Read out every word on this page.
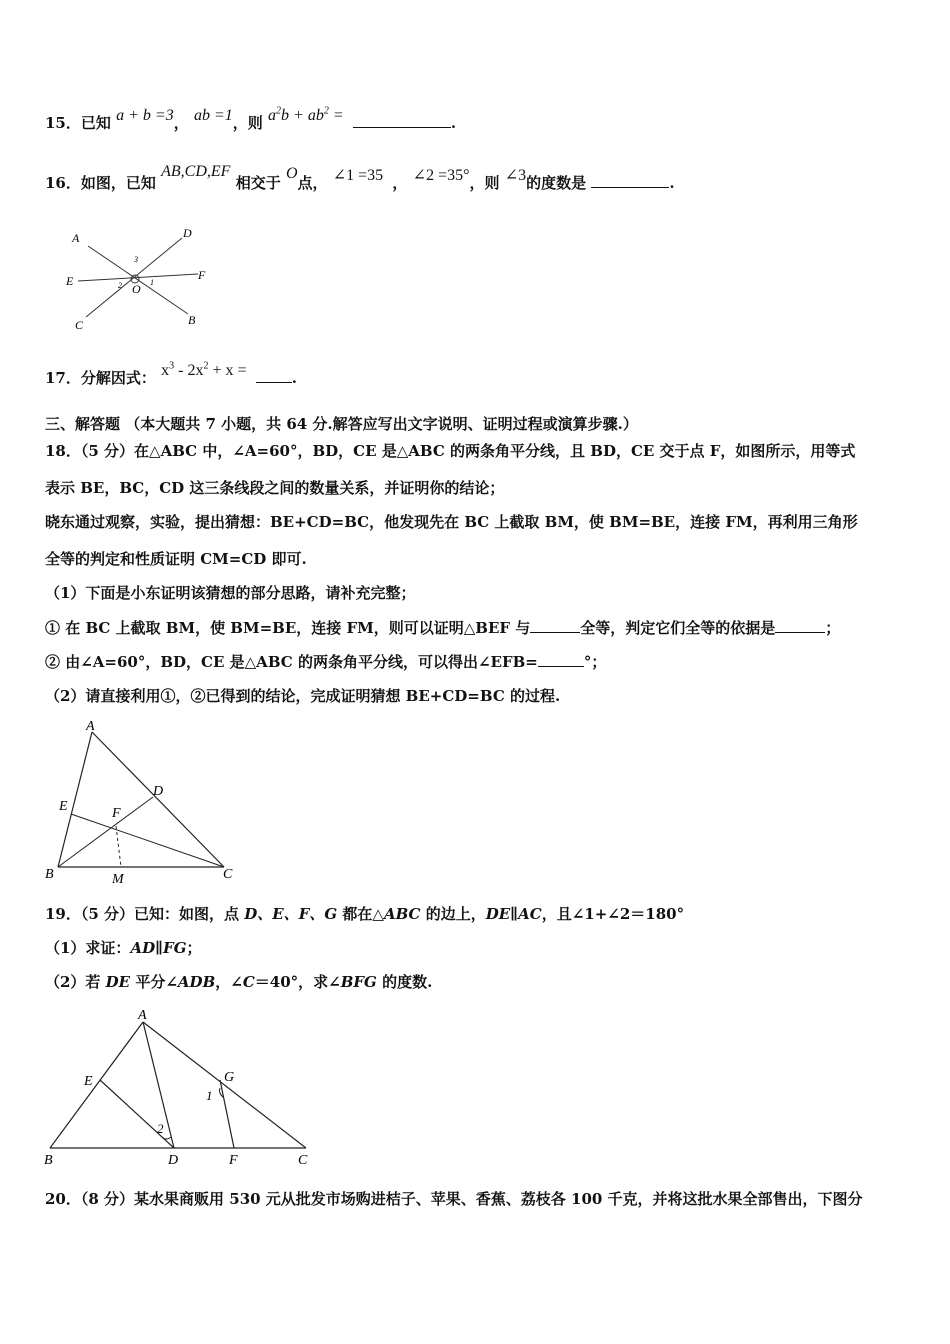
15．已知 a + b =3， ab =1，则 $a^2b + ab^2$ =	.
16．如图，已知 AB,CD,EF 相交于 O点， ∠1 =35 ， ∠2 =35°，则 ∠3的度数是	.
A	D
E	F
C	B
O
3
2	1
17．分解因式： $x^3 - 2x^2 + x$ =	.
三、解答题 （本大题共 7 小题，共 64 分.解答应写出文字说明、证明过程或演算步骤.）
18．（5 分）在△ABC 中，∠A=60°，BD，CE 是△ABC 的两条角平分线，且 BD，CE 交于点 F，如图所示，用等式
表示 BE，BC，CD 这三条线段之间的数量关系，并证明你的结论；
晓东通过观察，实验，提出猜想：BE+CD=BC，他发现先在 BC 上截取 BM，使 BM=BE，连接 FM，再利用三角形
全等的判定和性质证明 CM=CD 即可.
（1）下面是小东证明该猜想的部分思路，请补充完整；
① 在 BC 上截取 BM，使 BM=BE，连接 FM，则可以证明△BEF 与	全等，判定它们全等的依据是	；
② 由∠A=60°，BD，CE 是△ABC 的两条角平分线，可以得出∠EFB=	°；
（2）请直接利用①，②已得到的结论，完成证明猜想 BE+CD=BC 的过程.
A
D
E	F
B	M	C
19．（5 分）已知：如图，点 D、E、F、G 都在△ABC 的边上，DE∥AC，且∠1+∠2＝180°
（1）求证：AD∥FG；
（2）若 DE 平分∠ADB，∠C＝40°，求∠BFG 的度数.
A
E	G
1
2
B	D	F	C
20．（8 分）某水果商贩用 530 元从批发市场购进桔子、苹果、香蕉、荔枝各 100 千克，并将这批水果全部售出，下图分
